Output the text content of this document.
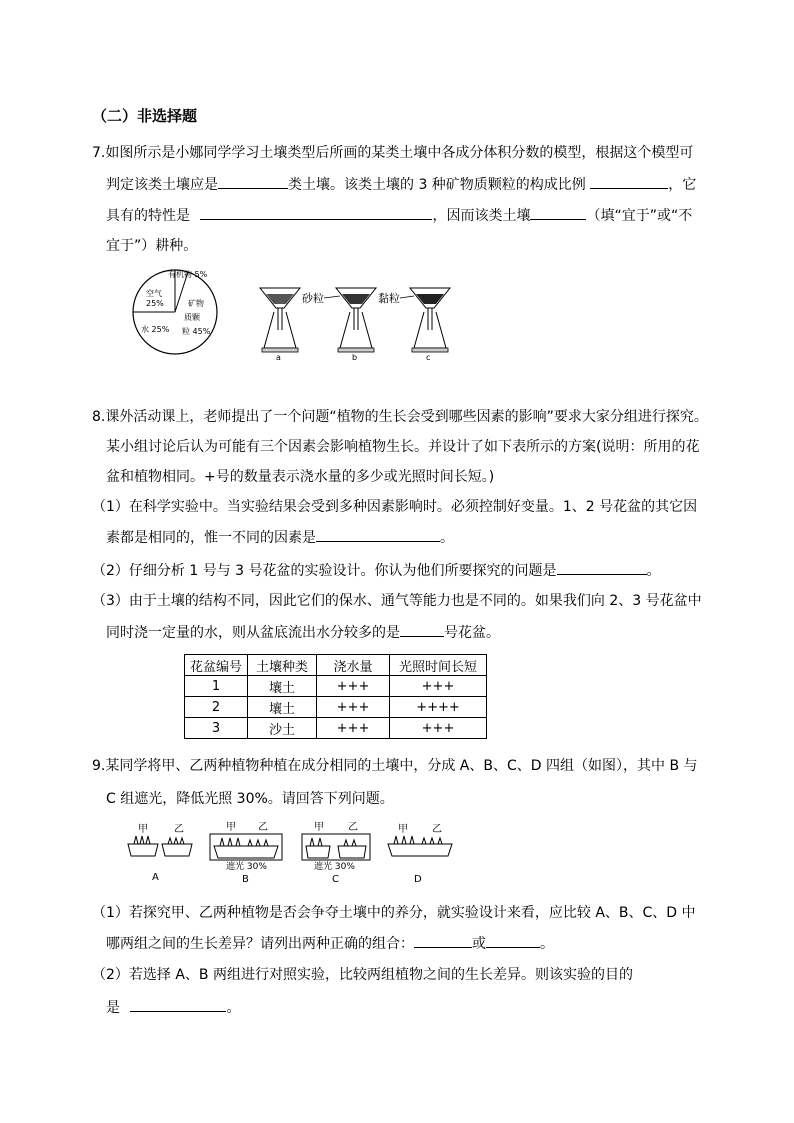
（二）非选择题
7.如图所示是小娜同学学习土壤类型后所画的某类土壤中各成分体积分数的模型，根据这个模型可
判定该类土壤应是	类土壤。该类土壤的 3 种矿物质颗粒的构成比例	，它
具有的特性是	，因而该类土壤	（填“宜于”或“不
宜于”）耕种。
有机物 5%
空气
25%
水 25%
矿物
质颗
粒 45%
a	b
砂粒
c
黏粒
8.课外活动课上，老师提出了一个问题“植物的生长会受到哪些因素的影响”要求大家分组进行探究。
某小组讨论后认为可能有三个因素会影响植物生长。并设计了如下表所示的方案(说明：所用的花
盆和植物相同。+号的数量表示浇水量的多少或光照时间长短。)
（1）在科学实验中。当实验结果会受到多种因素影响时。必须控制好变量。1、2 号花盆的其它因
素都是相同的，惟一不同的因素是	。
（2）仔细分析 1 号与 3 号花盆的实验设计。你认为他们所要探究的问题是	。
（3）由于土壤的结构不同，因此它们的保水、通气等能力也是不同的。如果我们向 2、3 号花盆中
同时浇一定量的水，则从盆底流出水分较多的是	号花盆。
花盆编号	土壤种类	浇水量	光照时间长短
1	壤土	+++	+++
2	壤土	+++	++++
3	沙土	+++	+++
9.某同学将甲、乙两种植物种植在成分相同的土壤中，分成 A、B、C、D 四组（如图），其中 B 与
C 组遮光，降低光照 30%。请回答下列问题。
甲	乙
A
甲 乙
遮光 30%
B
甲 乙
遮光 30%
C
甲 乙
D
（1）若探究甲、乙两种植物是否会争夺土壤中的养分，就实验设计来看，应比较 A、B、C、D 中
哪两组之间的生长差异？请列出两种正确的组合：	或	。
（2）若选择 A、B 两组进行对照实验，比较两组植物之间的生长差异。则该实验的目的
是	。
